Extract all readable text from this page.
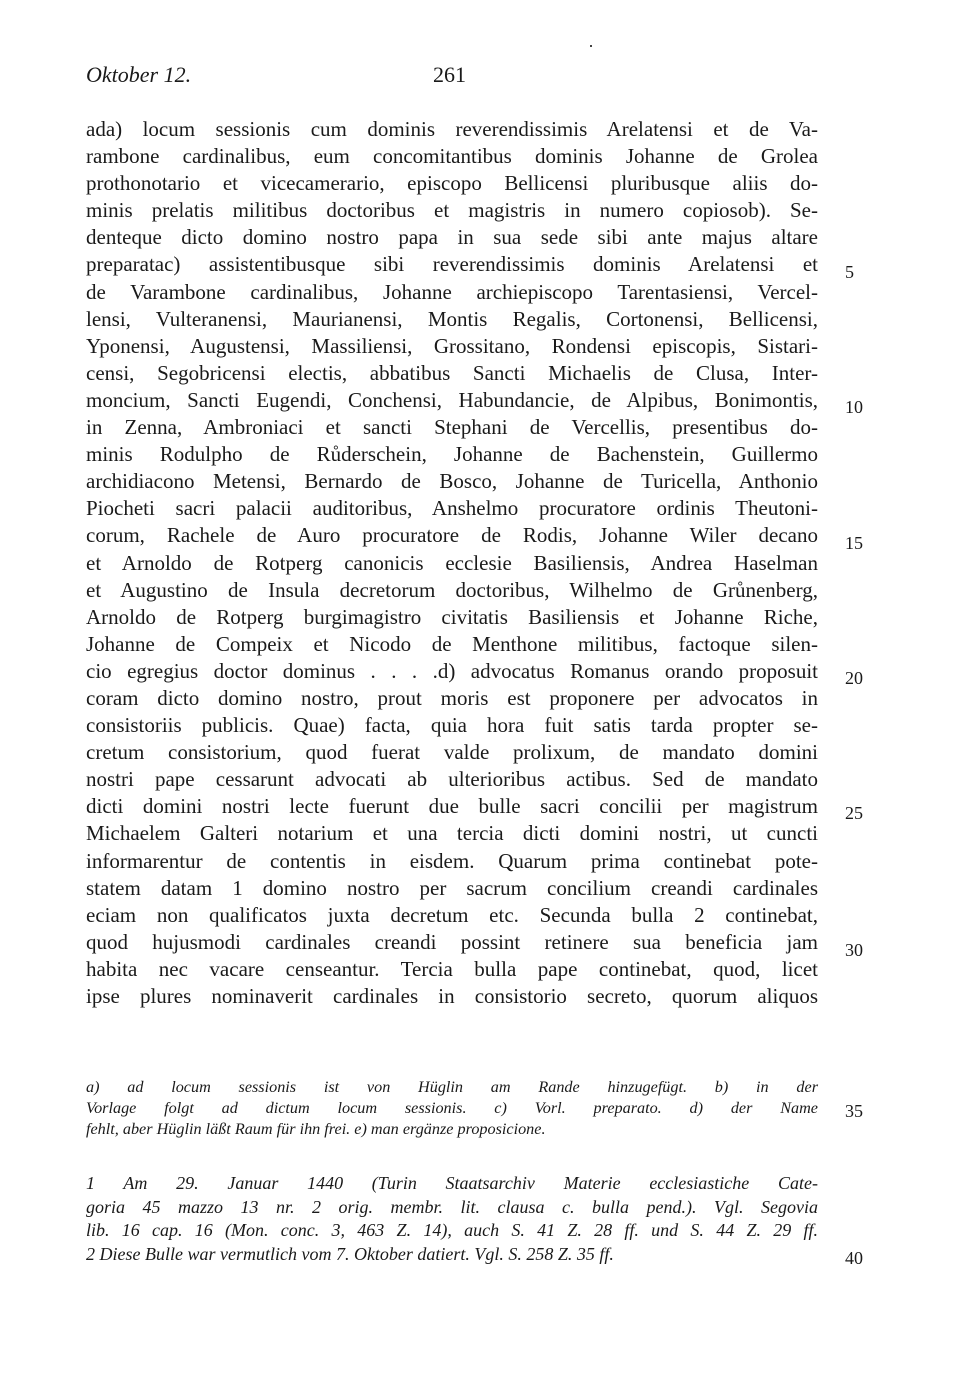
Oktober 12.	261
ada) locum sessionis cum dominis reverendissimis Arelatensi et de Va-
rambone cardinalibus, eum concomitantibus dominis Johanne de Grolea
prothonotario et vicecamerario, episcopo Bellicensi pluribusque aliis do-
minis prelatis militibus doctoribus et magistris in numero copiosob). Se-
denteque dicto domino nostro papa in sua sede sibi ante majus altare
preparatac) assistentibusque sibi reverendissimis dominis Arelatensi et
de Varambone cardinalibus, Johanne archiepiscopo Tarentasiensi, Vercel-
lensi, Vulteranensi, Maurianensi, Montis Regalis, Cortonensi, Bellicensi,
Yponensi, Augustensi, Massiliensi, Grossitano, Rondensi episcopis, Sistari-
censi, Segobricensi electis, abbatibus Sancti Michaelis de Clusa, Inter-
moncium, Sancti Eugendi, Conchensi, Habundancie, de Alpibus, Bonimontis,
in Zenna, Ambroniaci et sancti Stephani de Vercellis, presentibus do-
minis Rodulpho de Růderschein, Johanne de Bachenstein, Guillermo
archidiacono Metensi, Bernardo de Bosco, Johanne de Turicella, Anthonio
Piocheti sacri palacii auditoribus, Anshelmo procuratore ordinis Theutoni-
corum, Rachele de Auro procuratore de Rodis, Johanne Wiler decano
et Arnoldo de Rotperg canonicis ecclesie Basiliensis, Andrea Haselman
et Augustino de Insula decretorum doctoribus, Wilhelmo de Grůnenberg,
Arnoldo de Rotperg burgimagistro civitatis Basiliensis et Johanne Riche,
Johanne de Compeix et Nicodo de Menthone militibus, factoque silen-
cio egregius doctor dominus . . . .d) advocatus Romanus orando proposuit
coram dicto domino nostro, prout moris est proponere per advocatos in
consistoriis publicis. Quae) facta, quia hora fuit satis tarda propter se-
cretum consistorium, quod fuerat valde prolixum, de mandato domini
nostri pape cessarunt advocati ab ulterioribus actibus. Sed de mandato
dicti domini nostri lecte fuerunt due bulle sacri concilii per magistrum
Michaelem Galteri notarium et una tercia dicti domini nostri, ut cuncti
informarentur de contentis in eisdem. Quarum prima continebat pote-
statem datam 1 domino nostro per sacrum concilium creandi cardinales
eciam non qualificatos juxta decretum etc. Secunda bulla 2 continebat,
quod hujusmodi cardinales creandi possint retinere sua beneficia jam
habita nec vacare censeantur. Tercia bulla pape continebat, quod, licet
ipse plures nominaverit cardinales in consistorio secreto, quorum aliquos
5
10
15
20
25
30
35
40
a) ad locum sessionis ist von Hüglin am Rande hinzugefügt. b) in der
Vorlage folgt ad dictum locum sessionis. c) Vorl. preparato. d) der Name
fehlt, aber Hüglin läßt Raum für ihn frei. e) man ergänze proposicione.
1 Am 29. Januar 1440 (Turin Staatsarchiv Materie ecclesiastiche Cate-
goria 45 mazzo 13 nr. 2 orig. membr. lit. clausa c. bulla pend.). Vgl. Segovia
lib. 16 cap. 16 (Mon. conc. 3, 463 Z. 14), auch S. 41 Z. 28 ff. und S. 44 Z. 29 ff.
2 Diese Bulle war vermutlich vom 7. Oktober datiert. Vgl. S. 258 Z. 35 ff.
